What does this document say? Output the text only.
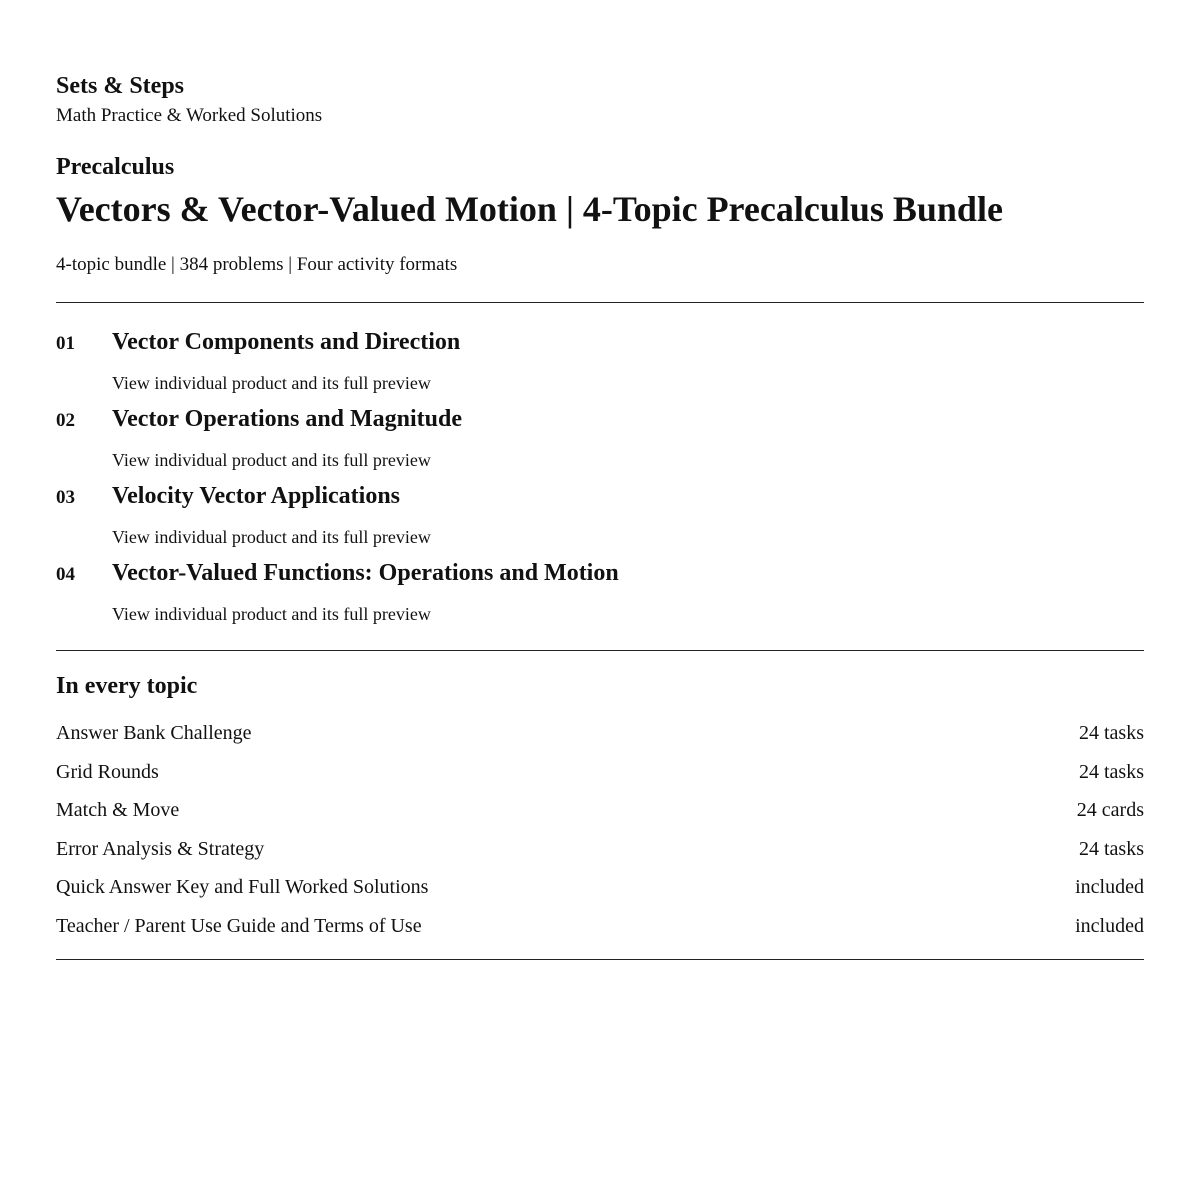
Sets & Steps
Math Practice & Worked Solutions
Precalculus
Vectors & Vector-Valued Motion | 4-Topic Precalculus Bundle
4-topic bundle | 384 problems | Four activity formats
01 Vector Components and Direction
View individual product and its full preview
02 Vector Operations and Magnitude
View individual product and its full preview
03 Velocity Vector Applications
View individual product and its full preview
04 Vector-Valued Functions: Operations and Motion
View individual product and its full preview
In every topic
Answer Bank Challenge	24 tasks
Grid Rounds	24 tasks
Match & Move	24 cards
Error Analysis & Strategy	24 tasks
Quick Answer Key and Full Worked Solutions	included
Teacher / Parent Use Guide and Terms of Use	included
